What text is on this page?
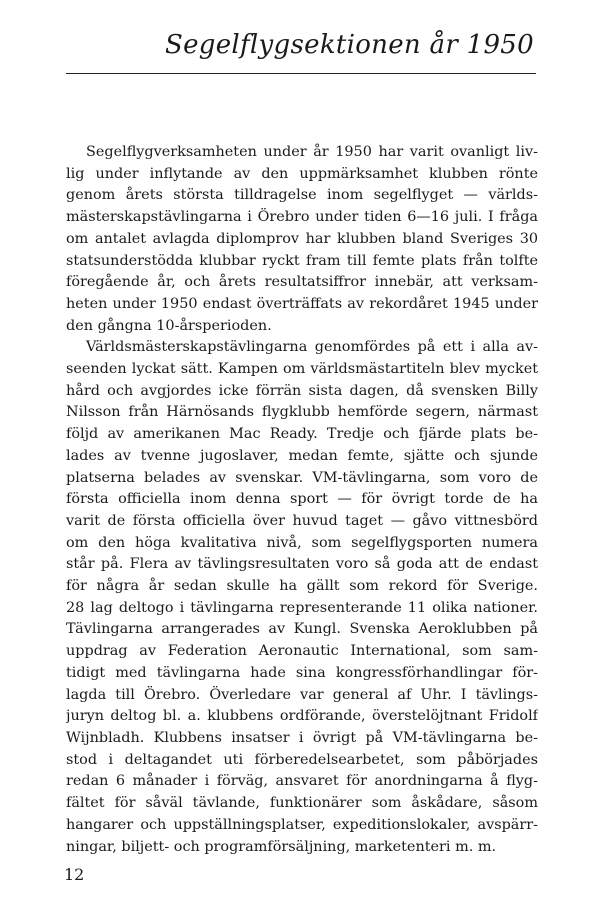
Segelflygsektionen år 1950
Segelflygverksamheten under år 1950 har varit ovanligt liv-
lig under inflytande av den uppmärksamhet klubben rönte
genom årets största tilldragelse inom segelflyget — världs-
mästerskapstävlingarna i Örebro under tiden 6—16 juli. I fråga
om antalet avlagda diplomprov har klubben bland Sveriges 30
statsunderstödda klubbar ryckt fram till femte plats från tolfte
föregående år, och årets resultatsiffror innebär, att verksam-
heten under 1950 endast överträffats av rekordåret 1945 under
den gångna 10-årsperioden.
Världsmästerskapstävlingarna genomfördes på ett i alla av-
seenden lyckat sätt. Kampen om världsmästartiteln blev mycket
hård och avgjordes icke förrän sista dagen, då svensken Billy
Nilsson från Härnösands flygklubb hemförde segern, närmast
följd av amerikanen Mac Ready. Tredje och fjärde plats be-
lades av tvenne jugoslaver, medan femte, sjätte och sjunde
platserna belades av svenskar. VM-tävlingarna, som voro de
första officiella inom denna sport — för övrigt torde de ha
varit de första officiella över huvud taget — gåvo vittnesbörd
om den höga kvalitativa nivå, som segelflygsporten numera
står på. Flera av tävlingsresultaten voro så goda att de endast
för några år sedan skulle ha gällt som rekord för Sverige.
28 lag deltogo i tävlingarna representerande 11 olika nationer.
Tävlingarna arrangerades av Kungl. Svenska Aeroklubben på
uppdrag av Federation Aeronautic International, som sam-
tidigt med tävlingarna hade sina kongressförhandlingar för-
lagda till Örebro. Överledare var general af Uhr. I tävlings-
juryn deltog bl. a. klubbens ordförande, överstelöjtnant Fridolf
Wijnbladh. Klubbens insatser i övrigt på VM-tävlingarna be-
stod i deltagandet uti förberedelsearbetet, som påbörjades
redan 6 månader i förväg, ansvaret för anordningarna å flyg-
fältet för såväl tävlande, funktionärer som åskådare, såsom
hangarer och uppställningsplatser, expeditionslokaler, avspärr-
ningar, biljett- och programförsäljning, marketenteri m. m.
12
